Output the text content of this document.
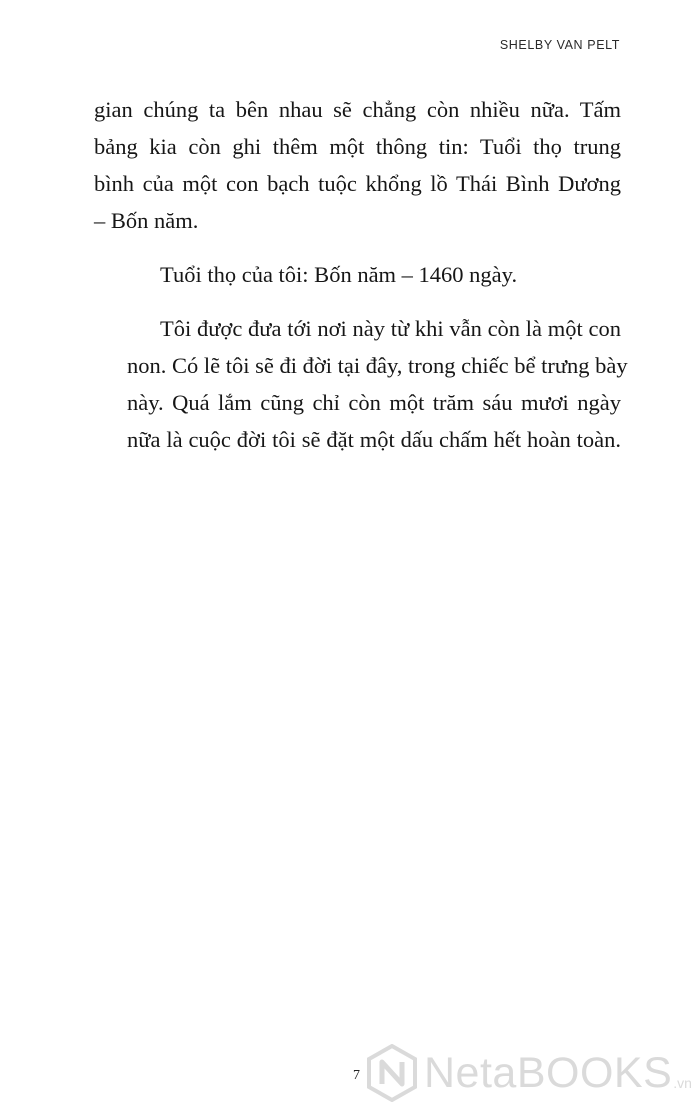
SHELBY VAN PELT

gian chúng ta bên nhau sẽ chẳng còn nhiều nữa. Tấm
bảng kia còn ghi thêm một thông tin: Tuổi thọ trung
bình của một con bạch tuộc khổng lồ Thái Bình Dương
– Bốn năm.

Tuổi thọ của tôi: Bốn năm – 1460 ngày.

Tôi được đưa tới nơi này từ khi vẫn còn là một con
non. Có lẽ tôi sẽ đi đời tại đây, trong chiếc bể trưng bày
này. Quá lắm cũng chỉ còn một trăm sáu mươi ngày
nữa là cuộc đời tôi sẽ đặt một dấu chấm hết hoàn toàn.

7 NetaBOOKS .vn
